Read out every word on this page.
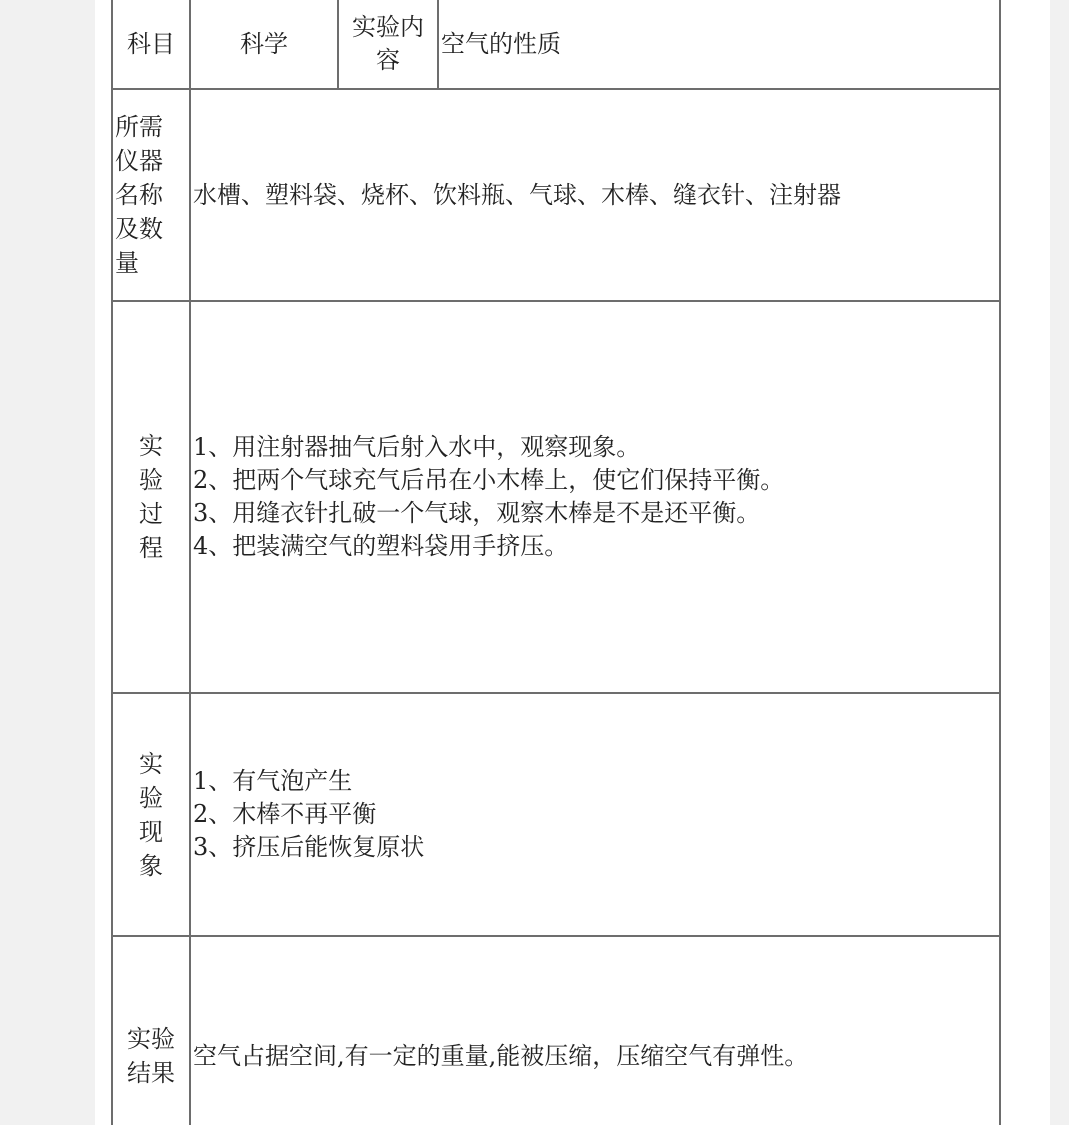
科目	科学	实验内容	空气的性质
所需仪器名称及数量	水槽、塑料袋、烧杯、饮料瓶、气球、木棒、缝衣针、注射器		
实验过程	1、用注射器抽气后射入水中，观察现象。
2、把两个气球充气后吊在小木棒上，使它们保持平衡。
3、用缝衣针扎破一个气球，观察木棒是不是还平衡。
4、把装满空气的塑料袋用手挤压。		

实验现象	1、有气泡产生
2、木棒不再平衡
3、挤压后能恢复原状		

实验结果	空气占据空间,有一定的重量,能被压缩，压缩空气有弹性。		
